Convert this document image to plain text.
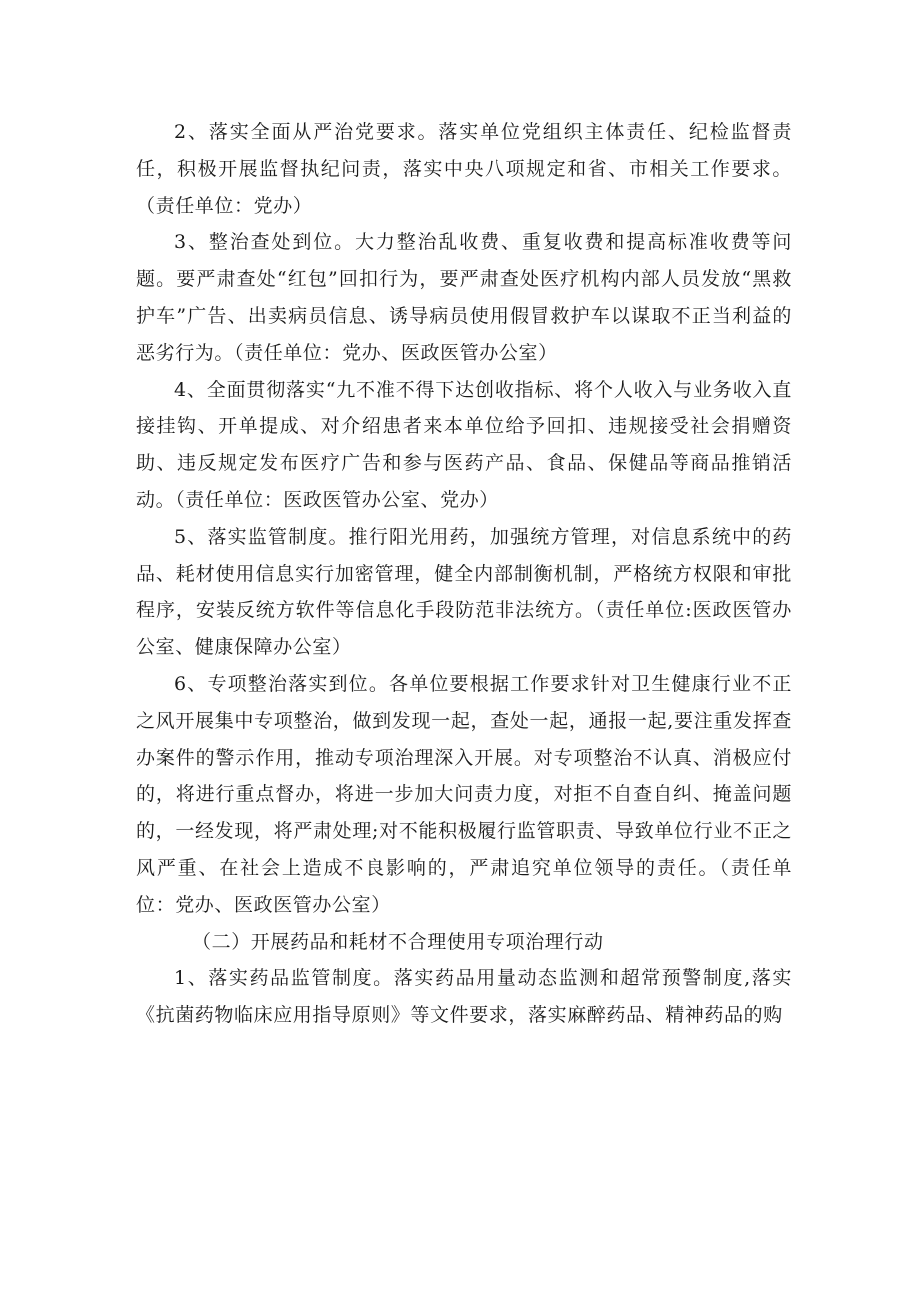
2、落实全面从严治党要求。落实单位党组织主体责任、纪检监督责任，积极开展监督执纪问责，落实中央八项规定和省、市相关工作要求。（责任单位：党办）

3、整治查处到位。大力整治乱收费、重复收费和提高标准收费等问题。要严肃查处“红包”回扣行为，要严肃查处医疗机构内部人员发放“黑救护车”广告、出卖病员信息、诱导病员使用假冒救护车以谋取不正当利益的恶劣行为。（责任单位：党办、医政医管办公室）

4、全面贯彻落实“九不准不得下达创收指标、将个人收入与业务收入直接挂钩、开单提成、对介绍患者来本单位给予回扣、违规接受社会捐赠资助、违反规定发布医疗广告和参与医药产品、食品、保健品等商品推销活动。（责任单位：医政医管办公室、党办）

5、落实监管制度。推行阳光用药，加强统方管理，对信息系统中的药品、耗材使用信息实行加密管理，健全内部制衡机制，严格统方权限和审批程序，安装反统方软件等信息化手段防范非法统方。（责任单位:医政医管办公室、健康保障办公室）

6、专项整治落实到位。各单位要根据工作要求针对卫生健康行业不正之风开展集中专项整治，做到发现一起，查处一起，通报一起,要注重发挥查办案件的警示作用，推动专项治理深入开展。对专项整治不认真、消极应付的，将进行重点督办，将进一步加大问责力度，对拒不自查自纠、掩盖问题的，一经发现，将严肃处理;对不能积极履行监管职责、导致单位行业不正之风严重、在社会上造成不良影响的，严肃追究单位领导的责任。（责任单位：党办、医政医管办公室）

（二）开展药品和耗材不合理使用专项治理行动

1、落实药品监管制度。落实药品用量动态监测和超常预警制度,落实《抗菌药物临床应用指导原则》等文件要求，落实麻醉药品、精神药品的购
